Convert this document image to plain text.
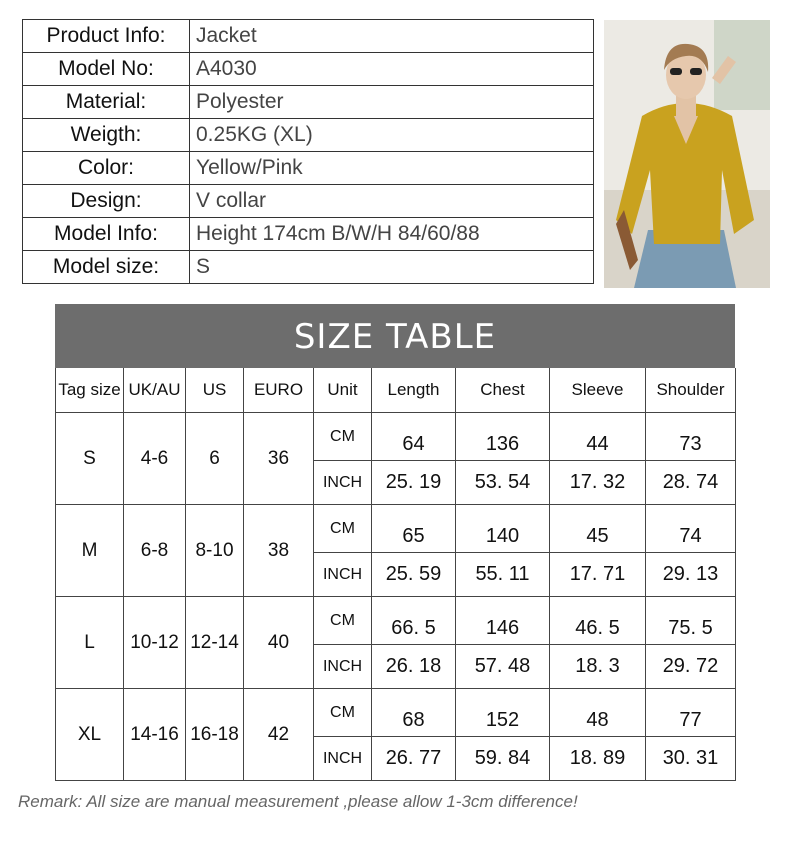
Product Info:	Jacket
Model No:	A4030
Material:	Polyester
Weigth:	0.25KG (XL)
Color:	Yellow/Pink
Design:	V collar
Model Info:	Height 174cm B/W/H 84/60/88
Model size:	S
SIZE TABLE
Tag size	UK/AU	US	EURO	Unit	Length	Chest	Sleeve	Shoulder
S	4-6	6	36	CM	64	136	44	73
				INCH	25. 19	53. 54	17. 32	28. 74
M	6-8	8-10	38	CM	65	140	45	74
				INCH	25. 59	55. 11	17. 71	29. 13
L	10-12	12-14	40	CM	66. 5	146	46. 5	75. 5
				INCH	26. 18	57. 48	18. 3	29. 72
XL	14-16	16-18	42	CM	68	152	48	77
				INCH	26. 77	59. 84	18. 89	30. 31
Remark: All size are manual measurement ,please allow 1-3cm difference!
